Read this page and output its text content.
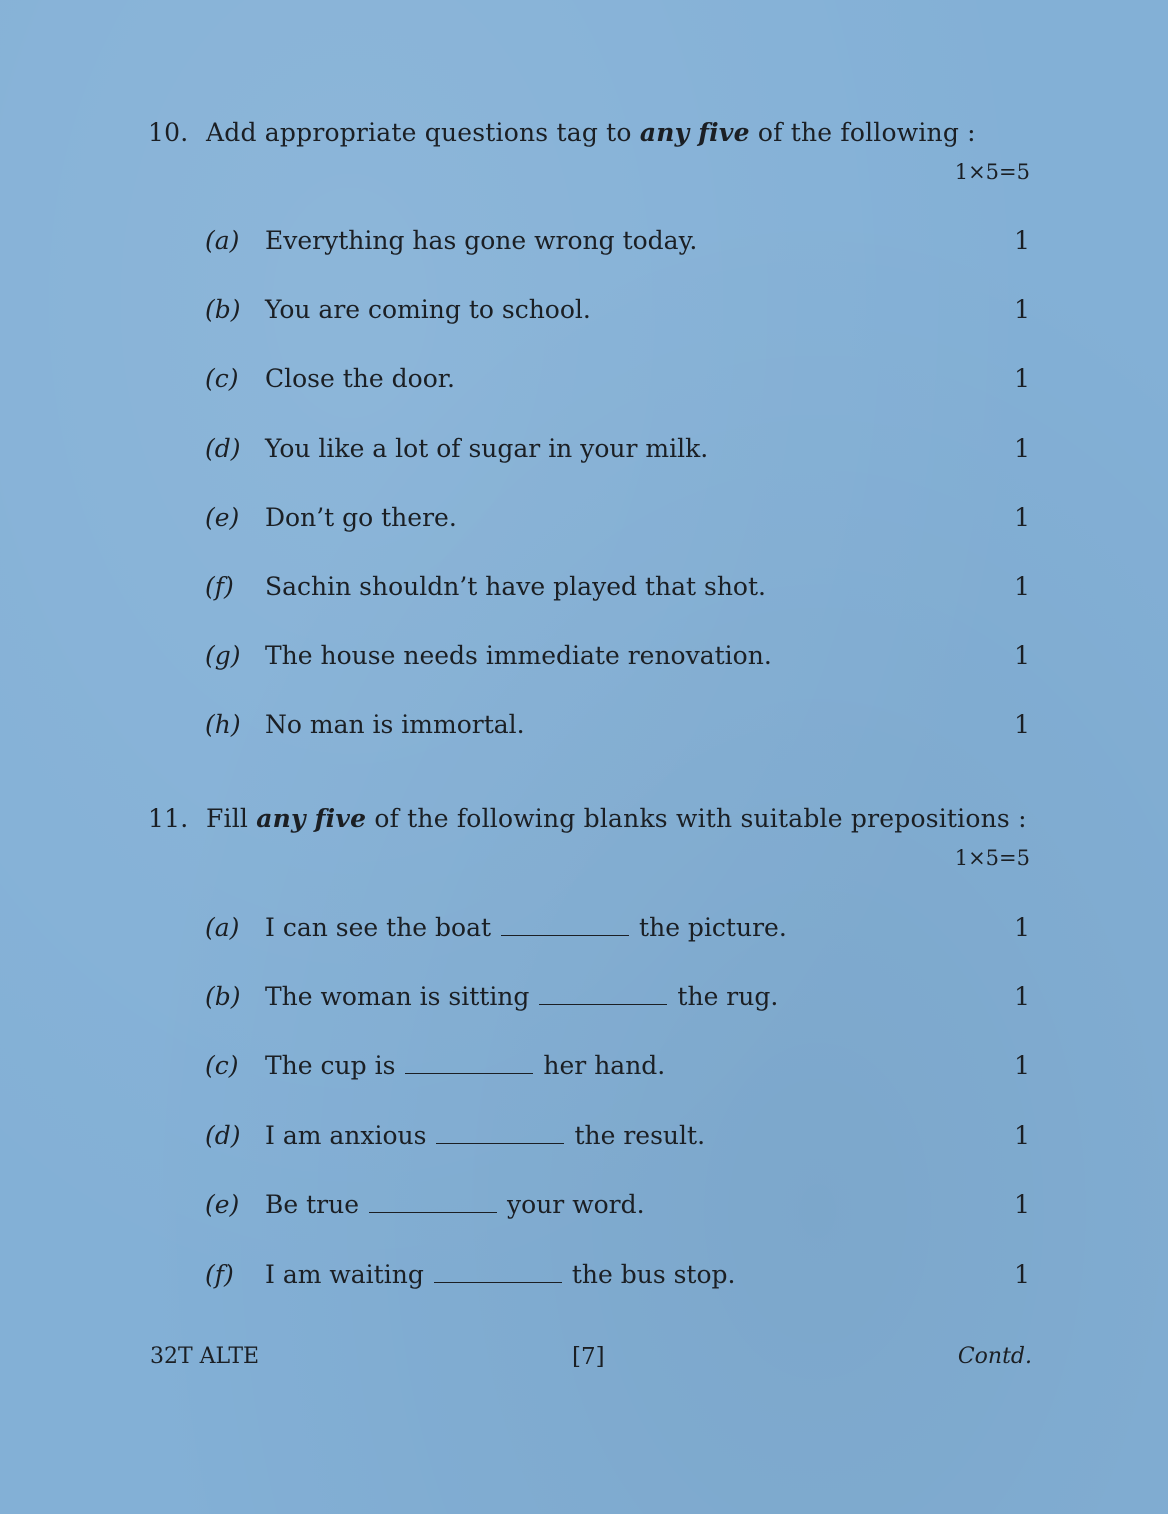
10. Add appropriate questions tag to any five of the following :
1×5=5
(a)	Everything has gone wrong today.	1
(b) You are coming to school.	1
(c)	Close the door.	1
(d) You like a lot of sugar in your milk.	1
(e)	Don’t go there.	1
(f)	Sachin shouldn’t have played that shot.	1
(g) The house needs immediate renovation.	1
(h) No man is immortal.	1
11. Fill any five of the following blanks with suitable prepositions :
1×5=5
(a)	I can see the boat	the picture.	1
(b) The woman is sitting	the rug.	1
(c)	The cup is	her hand.	1
(d) I am anxious	the result.	1
(e)	Be true	your word.	1
(f)	I am waiting	the bus stop.	1
32T ALTE	[7]	Contd.
